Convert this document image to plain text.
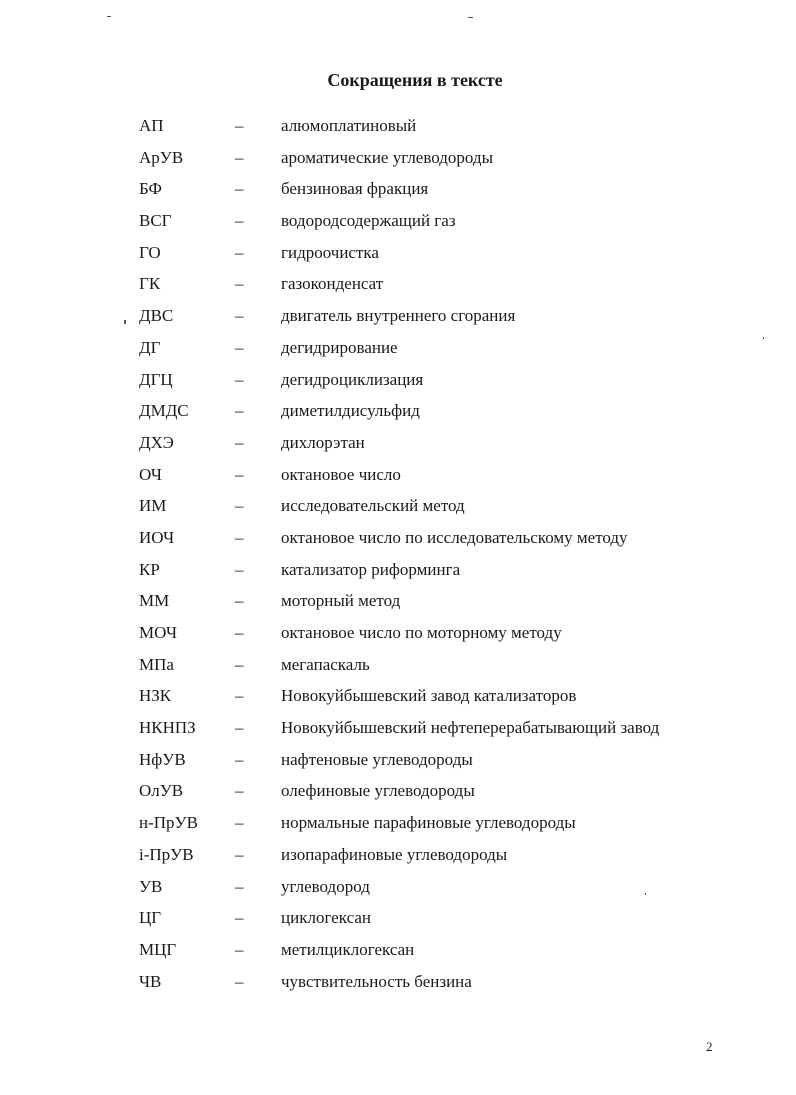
Сокращения в тексте
АП	– алюмоплатиновый
АрУВ	– ароматические углеводороды
БФ	– бензиновая фракция
ВСГ	– водородсодержащий газ
ГО	– гидроочистка
ГК	– газоконденсат
ДВС	– двигатель внутреннего сгорания
ДГ	– дегидрирование
ДГЦ	– дегидроциклизация
ДМДС	– диметилдисульфид
ДХЭ	– дихлорэтан
ОЧ	– октановое число
ИМ	– исследовательский метод
ИОЧ	– октановое число по исследовательскому методу
КР	– катализатор риформинга
ММ	– моторный метод
МОЧ	– октановое число по моторному методу
МПа	– мегапаскаль
НЗК	– Новокуйбышевский завод катализаторов
НКНПЗ – Новокуйбышевский нефтеперерабатывающий завод
НфУВ	– нафтеновые углеводороды
ОлУВ	– олефиновые углеводороды
н-ПрУВ – нормальные парафиновые углеводороды
i-ПрУВ – изопарафиновые углеводороды
УВ	– углеводород
ЦГ	– циклогексан
МЦГ	– метилциклогексан
ЧВ	– чувствительность бензина
2
